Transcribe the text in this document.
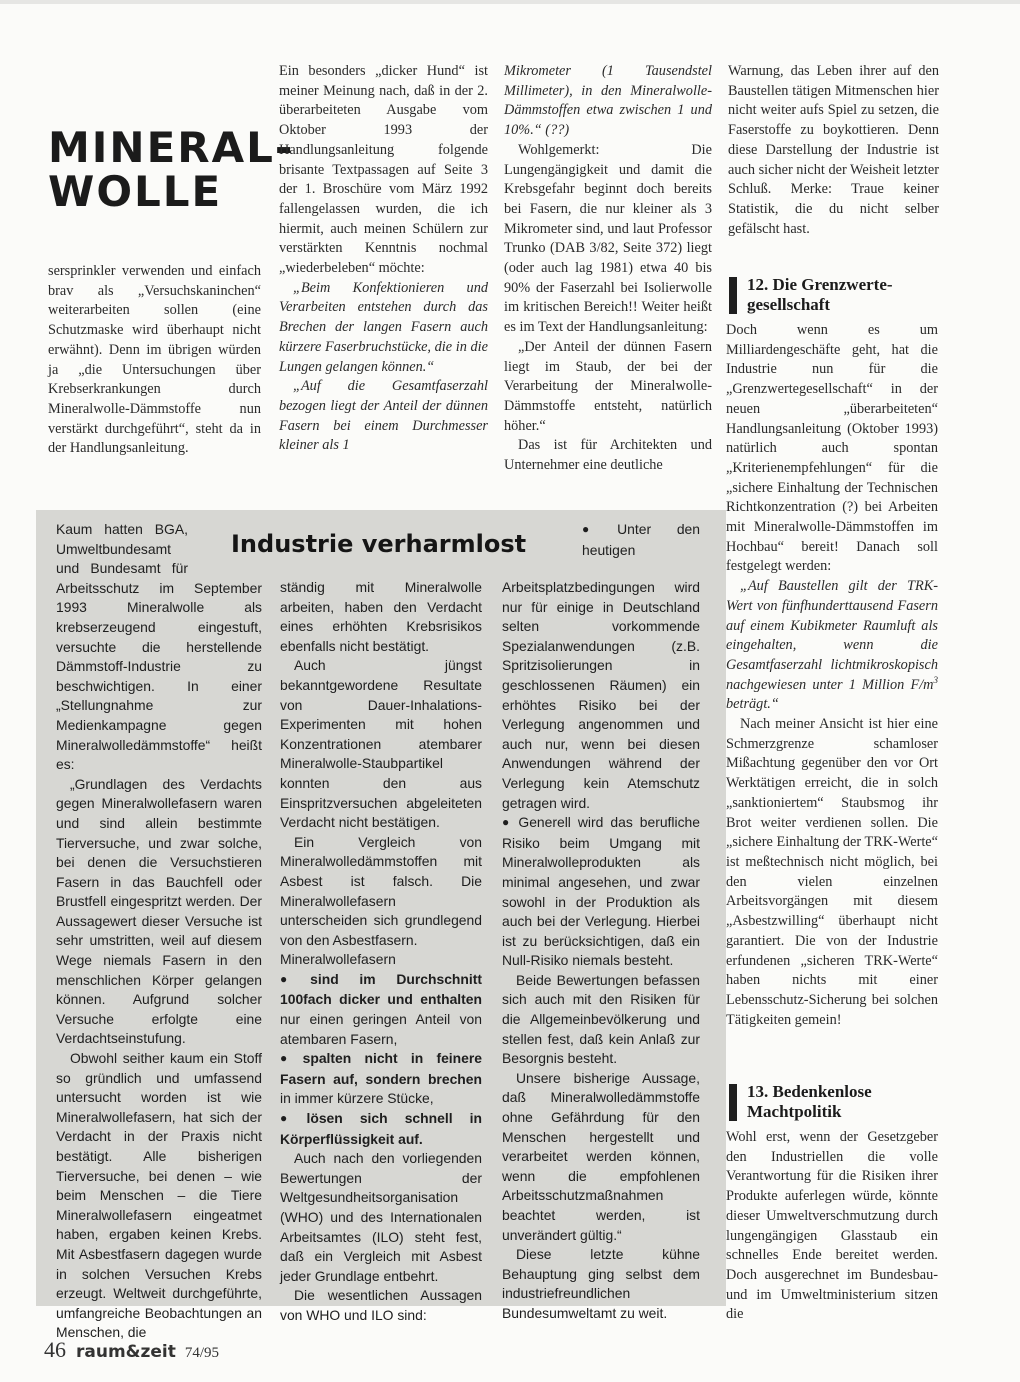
MINERAL-
WOLLE

sersprinkler verwenden und einfach brav als „Versuchskaninchen“ weiterarbeiten sollen (eine Schutzmaske wird überhaupt nicht erwähnt). Denn im übrigen würden ja „die Untersuchungen über Krebserkrankungen durch Mineralwolle-Dämmstoffe nun verstärkt durchgeführt“, steht da in der Handlungsanleitung.

Ein besonders „dicker Hund“ ist meiner Meinung nach, daß in der 2. überarbeiteten Ausgabe vom Oktober 1993 der Handlungsanleitung folgende brisante Textpassagen auf Seite 3 der 1. Broschüre vom März 1992 fallengelassen wurden, die ich hiermit, auch meinen Schülern zur verstärkten Kenntnis nochmal „wiederbeleben“ möchte:

„Beim Konfektionieren und Verarbeiten entstehen durch das Brechen der langen Fasern auch kürzere Faserbruchstücke, die in die Lungen gelangen können.“

„Auf die Gesamtfaserzahl bezogen liegt der Anteil der dünnen Fasern bei einem Durchmesser kleiner als 1

Mikrometer (1 Tausendstel Millimeter), in den Mineralwolle-Dämmstoffen etwa zwischen 1 und 10%.“ (??)

Wohlgemerkt: Die Lungengängigkeit und damit die Krebsgefahr beginnt doch bereits bei Fasern, die nur kleiner als 3 Mikrometer sind, und laut Professor Trunko (DAB 3/82, Seite 372) liegt (oder auch lag 1981) etwa 40 bis 90% der Faserzahl bei Isolierwolle im kritischen Bereich!! Weiter heißt es im Text der Handlungsanleitung:

„Der Anteil der dünnen Fasern liegt im Staub, der bei der Verarbeitung der Mineralwolle-Dämmstoffe entsteht, natürlich höher.“

Das ist für Architekten und Unternehmer eine deutliche

Warnung, das Leben ihrer auf den Baustellen tätigen Mitmenschen hier nicht weiter aufs Spiel zu setzen, die Faserstoffe zu boykottieren. Denn diese Darstellung der Industrie ist auch sicher nicht der Weisheit letzter Schluß. Merke: Traue keiner Statistik, die du nicht selber gefälscht hast.

12. Die Grenzwerte-gesellschaft

Doch wenn es um Milliardengeschäfte geht, hat die Industrie nun für die „Grenzwertegesellschaft“ in der neuen „überarbeiteten“ Handlungsanleitung (Oktober 1993) natürlich auch spontan „Kriterienempfehlungen“ für die „sichere Einhaltung der Technischen Richtkonzentration (?) bei Arbeiten mit Mineralwolle-Dämmstoffen im Hochbau“ bereit! Danach soll festgelegt werden:

„Auf Baustellen gilt der TRK-Wert von fünfhunderttausend Fasern auf einem Kubikmeter Raumluft als eingehalten, wenn die Gesamtfaserzahl lichtmikroskopisch nachgewiesen unter 1 Million $F/m^3$ beträgt.“

Nach meiner Ansicht ist hier eine Schmerzgrenze schamloser Mißachtung gegenüber den vor Ort Werktätigen erreicht, die in solch „sanktioniertem“ Staubsmog ihr Brot weiter verdienen sollen. Die „sichere Einhaltung der TRK-Werte“ ist meßtechnisch nicht möglich, bei den vielen einzelnen Arbeitsvorgängen mit diesem „Asbestzwilling“ überhaupt nicht garantiert. Die von der Industrie erfundenen „sicheren TRK-Werte“ haben nichts mit einer Lebensschutz-Sicherung bei solchen Tätigkeiten gemein!

13. Bedenkenlose Machtpolitik

Wohl erst, wenn der Gesetzgeber den Industriellen die volle Verantwortung für die Risiken ihrer Produkte auferlegen würde, könnte dieser Umweltverschmutzung durch lungengängigen Glasstaub ein schnelles Ende bereitet werden. Doch ausgerechnet im Bundesbau- und im Umweltministerium sitzen die

Industrie verharmlost

Kaum hatten BGA, Umweltbundesamt und Bundesamt für Arbeitsschutz im September 1993 Mineralwolle als krebserzeugend eingestuft, versuchte die herstellende Dämmstoff-Industrie zu beschwichtigen. In einer „Stellungnahme zur Medienkampagne gegen Mineralwolledämmstoffe“ heißt es:

„Grundlagen des Verdachts gegen Mineralwollefasern waren und sind allein bestimmte Tierversuche, und zwar solche, bei denen die Versuchstieren Fasern in das Bauchfell oder Brustfell eingespritzt werden. Der Aussagewert dieser Versuche ist sehr umstritten, weil auf diesem Wege niemals Fasern in den menschlichen Körper gelangen können. Aufgrund solcher Versuche erfolgte eine Verdachtseinstufung.

Obwohl seither kaum ein Stoff so gründlich und umfassend untersucht worden ist wie Mineralwollefasern, hat sich der Verdacht in der Praxis nicht bestätigt. Alle bisherigen Tierversuche, bei denen – wie beim Menschen – die Tiere Mineralwollefasern eingeatmet haben, ergaben keinen Krebs. Mit Asbestfasern dagegen wurde in solchen Versuchen Krebs erzeugt. Weltweit durchgeführte, umfangreiche Beobachtungen an Menschen, die

ständig mit Mineralwolle arbeiten, haben den Verdacht eines erhöhten Krebsrisikos ebenfalls nicht bestätigt.

Auch jüngst bekanntgewordene Resultate von Dauer-Inhalations-Experimenten mit hohen Konzentrationen atembarer Mineralwolle-Staubpartikel konnten den aus Einspritzversuchen abgeleiteten Verdacht nicht bestätigen.

Ein Vergleich von Mineralwolledämmstoffen mit Asbest ist falsch. Die Mineralwollefasern unterscheiden sich grundlegend von den Asbestfasern.

Mineralwollefasern

● sind im Durchschnitt 100fach dicker und enthalten nur einen geringen Anteil von atembaren Fasern,

● spalten nicht in feinere Fasern auf, sondern brechen in immer kürzere Stücke,

● lösen sich schnell in Körperflüssigkeit auf.

Auch nach den vorliegenden Bewertungen der Weltgesundheitsorganisation (WHO) und des Internationalen Arbeitsamtes (ILO) steht fest, daß ein Vergleich mit Asbest jeder Grundlage entbehrt.

Die wesentlichen Aussagen von WHO und ILO sind:

● Unter den heutigen Arbeitsplatzbedingungen wird nur für einige in Deutschland selten vorkommende Spezialanwendungen (z.B. Spritzisolierungen in geschlossenen Räumen) ein erhöhtes Risiko bei der Verlegung angenommen und auch nur, wenn bei diesen Anwendungen während der Verlegung kein Atemschutz getragen wird.

● Generell wird das berufliche Risiko beim Umgang mit Mineralwolleprodukten als minimal angesehen, und zwar sowohl in der Produktion als auch bei der Verlegung. Hierbei ist zu berücksichtigen, daß ein Null-Risiko niemals besteht.

Beide Bewertungen befassen sich auch mit den Risiken für die Allgemeinbevölkerung und stellen fest, daß kein Anlaß zur Besorgnis besteht.

Unsere bisherige Aussage, daß Mineralwolledämmstoffe ohne Gefährdung für den Menschen hergestellt und verarbeitet werden können, wenn die empfohlenen Arbeitsschutzmaßnahmen beachtet werden, ist unverändert gültig.“

Diese letzte kühne Behauptung ging selbst dem industriefreundlichen Bundesumweltamt zu weit.

46 raum&zeit 74/95
